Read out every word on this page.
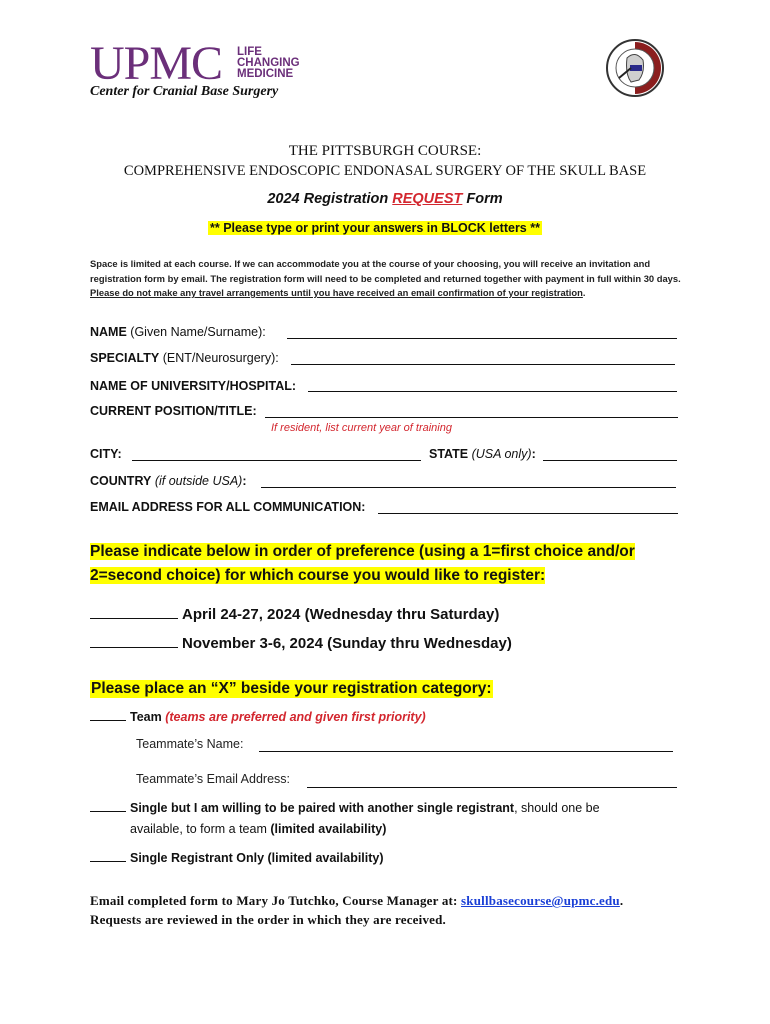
UPMC LIFE
CHANGING
MEDICINE
Center for Cranial Base Surgery
THE PITTSBURGH COURSE:
COMPREHENSIVE ENDOSCOPIC ENDONASAL SURGERY OF THE SKULL BASE
2024 Registration REQUEST Form
** Please type or print your answers in BLOCK letters **
Space is limited at each course. If we can accommodate you at the course of your choosing, you will receive an invitation and registration form by email. The registration form will need to be completed and returned together with payment in full within 30 days. Please do not make any travel arrangements until you have received an email confirmation of your registration.
NAME (Given Name/Surname):
SPECIALTY (ENT/Neurosurgery):
NAME OF UNIVERSITY/HOSPITAL:
CURRENT POSITION/TITLE:
If resident, list current year of training
CITY:	STATE (USA only):
COUNTRY (if outside USA):
EMAIL ADDRESS FOR ALL COMMUNICATION:
Please indicate below in order of preference (using a 1=first choice and/or
2=second choice) for which course you would like to register:
April 24-27, 2024 (Wednesday thru Saturday)
November 3-6, 2024 (Sunday thru Wednesday)
Please place an “X” beside your registration category:
Team (teams are preferred and given first priority)
Teammate’s Name:
Teammate’s Email Address:
Single but I am willing to be paired with another single registrant, should one be
available, to form a team (limited availability)
Single Registrant Only (limited availability)
Email completed form to Mary Jo Tutchko, Course Manager at: skullbasecourse@upmc.edu.
Requests are reviewed in the order in which they are received.
